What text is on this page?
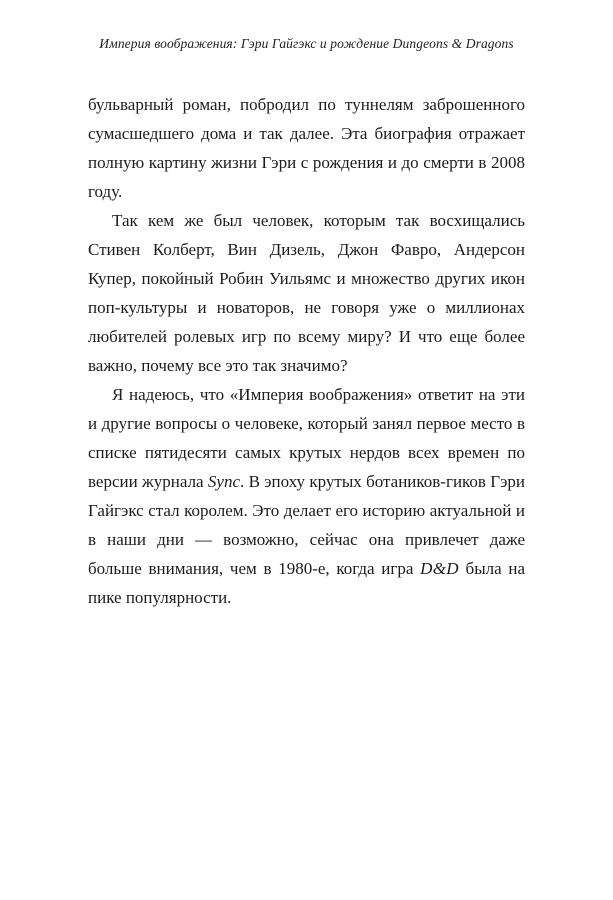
Империя воображения: Гэри Гайгэкс и рождение Dungeons & Dragons

бульварный роман, побродил по туннелям заброшенного сумасшедшего дома и так далее. Эта биография отражает полную картину жизни Гэри с рождения и до смерти в 2008 году.

Так кем же был человек, которым так восхищались Стивен Колберт, Вин Дизель, Джон Фавро, Андерсон Купер, покойный Робин Уильямс и множество других икон поп-культуры и новаторов, не говоря уже о миллионах любителей ролевых игр по всему миру? И что еще более важно, почему все это так значимо?

Я надеюсь, что «Империя воображения» ответит на эти и другие вопросы о человеке, который занял первое место в списке пятидесяти самых крутых нердов всех времен по версии журнала Sync. В эпоху крутых ботаников-гиков Гэри Гайгэкс стал королем. Это делает его историю актуальной и в наши дни — возможно, сейчас она привлечет даже больше внимания, чем в 1980-е, когда игра D&D была на пике популярности.
